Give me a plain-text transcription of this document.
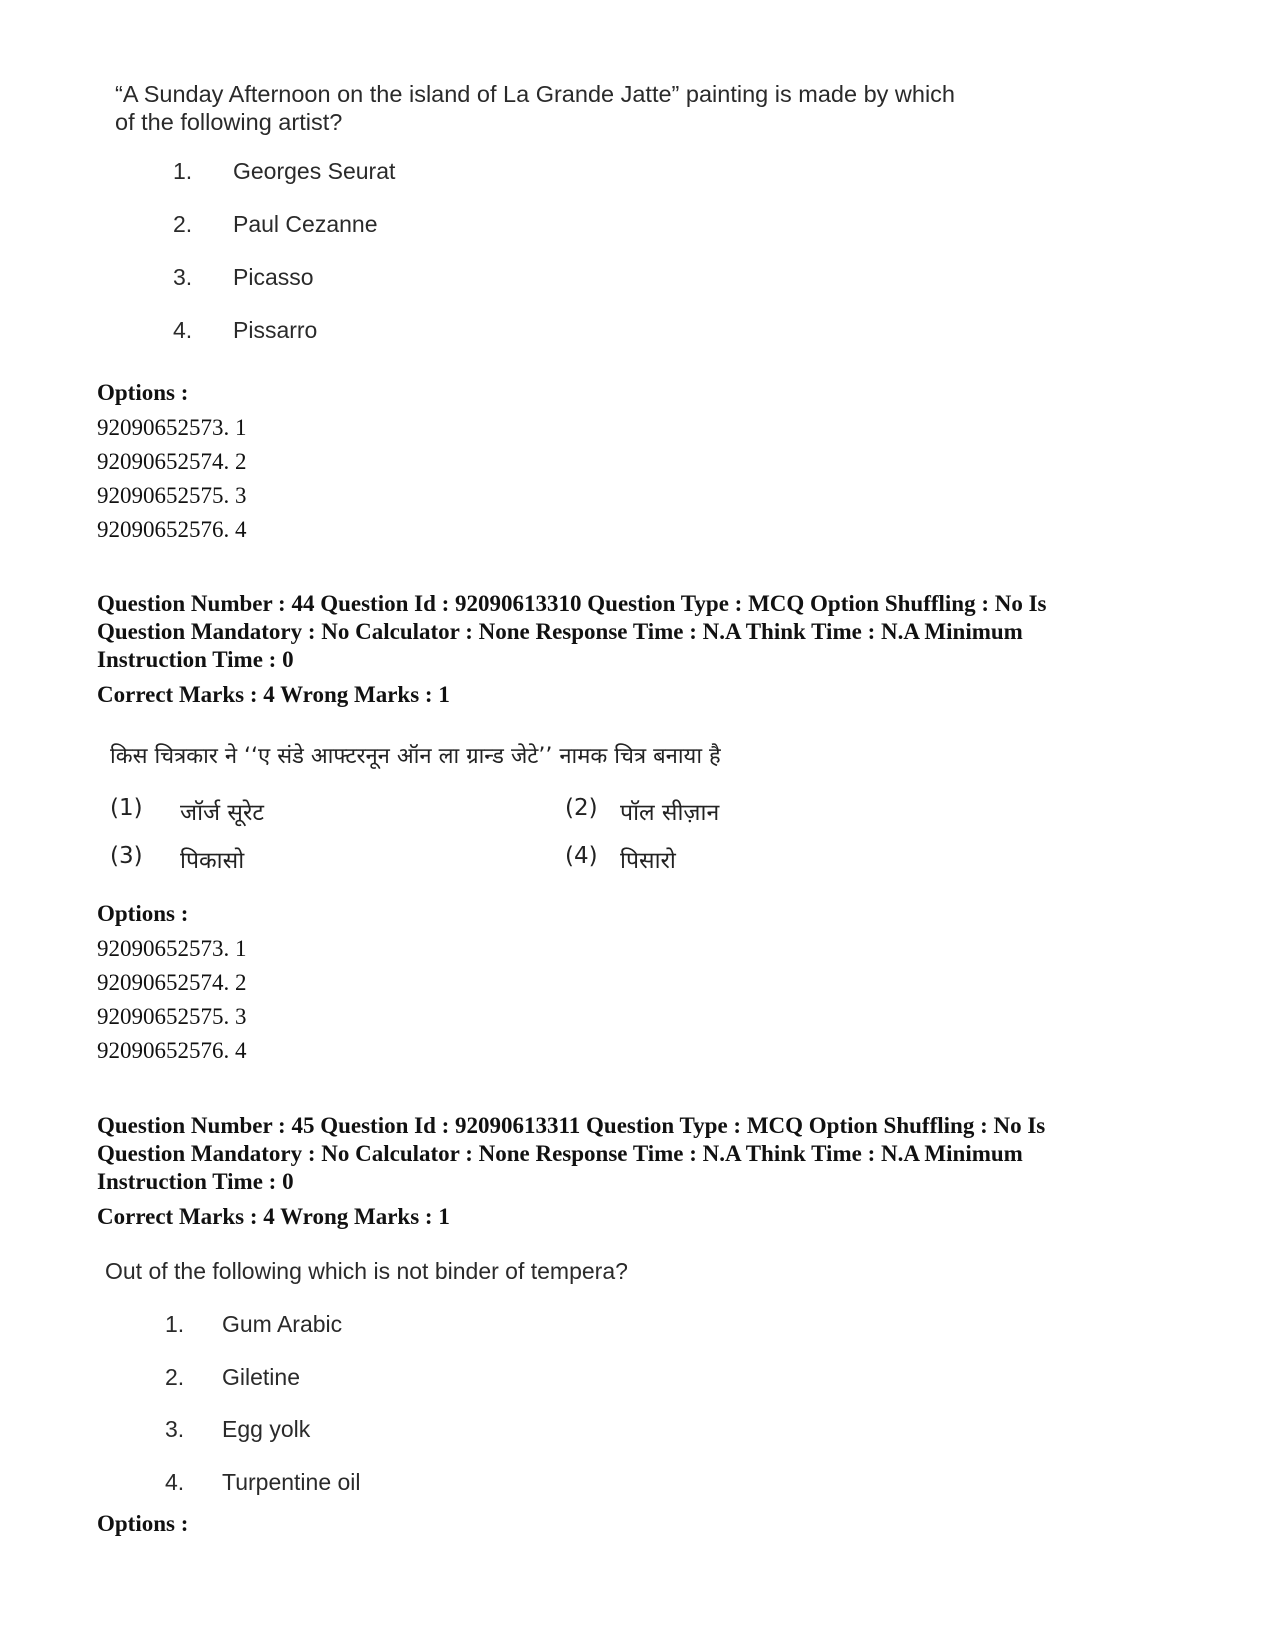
“A Sunday Afternoon on the island of La Grande Jatte” painting is made by which
of the following artist?
1. Georges Seurat
2. Paul Cezanne
3. Picasso
4. Pissarro
Options :
92090652573. 1
92090652574. 2
92090652575. 3
92090652576. 4
Question Number : 44 Question Id : 92090613310 Question Type : MCQ Option Shuffling : No Is
Question Mandatory : No Calculator : None Response Time : N.A Think Time : N.A Minimum
Instruction Time : 0
Correct Marks : 4 Wrong Marks : 1
किस चित्रकार ने ‘‘ए संडे आफ्टरनून ऑन ला ग्रान्ड जेटे’’ नामक चित्र बनाया है
(1) जॉर्ज सूरेट	(2) पॉल सीज़ान
(3) पिकासो	(4) पिसारो
Options :
92090652573. 1
92090652574. 2
92090652575. 3
92090652576. 4
Question Number : 45 Question Id : 92090613311 Question Type : MCQ Option Shuffling : No Is
Question Mandatory : No Calculator : None Response Time : N.A Think Time : N.A Minimum
Instruction Time : 0
Correct Marks : 4 Wrong Marks : 1
Out of the following which is not binder of tempera?
1. Gum Arabic
2. Giletine
3. Egg yolk
4. Turpentine oil
Options :
